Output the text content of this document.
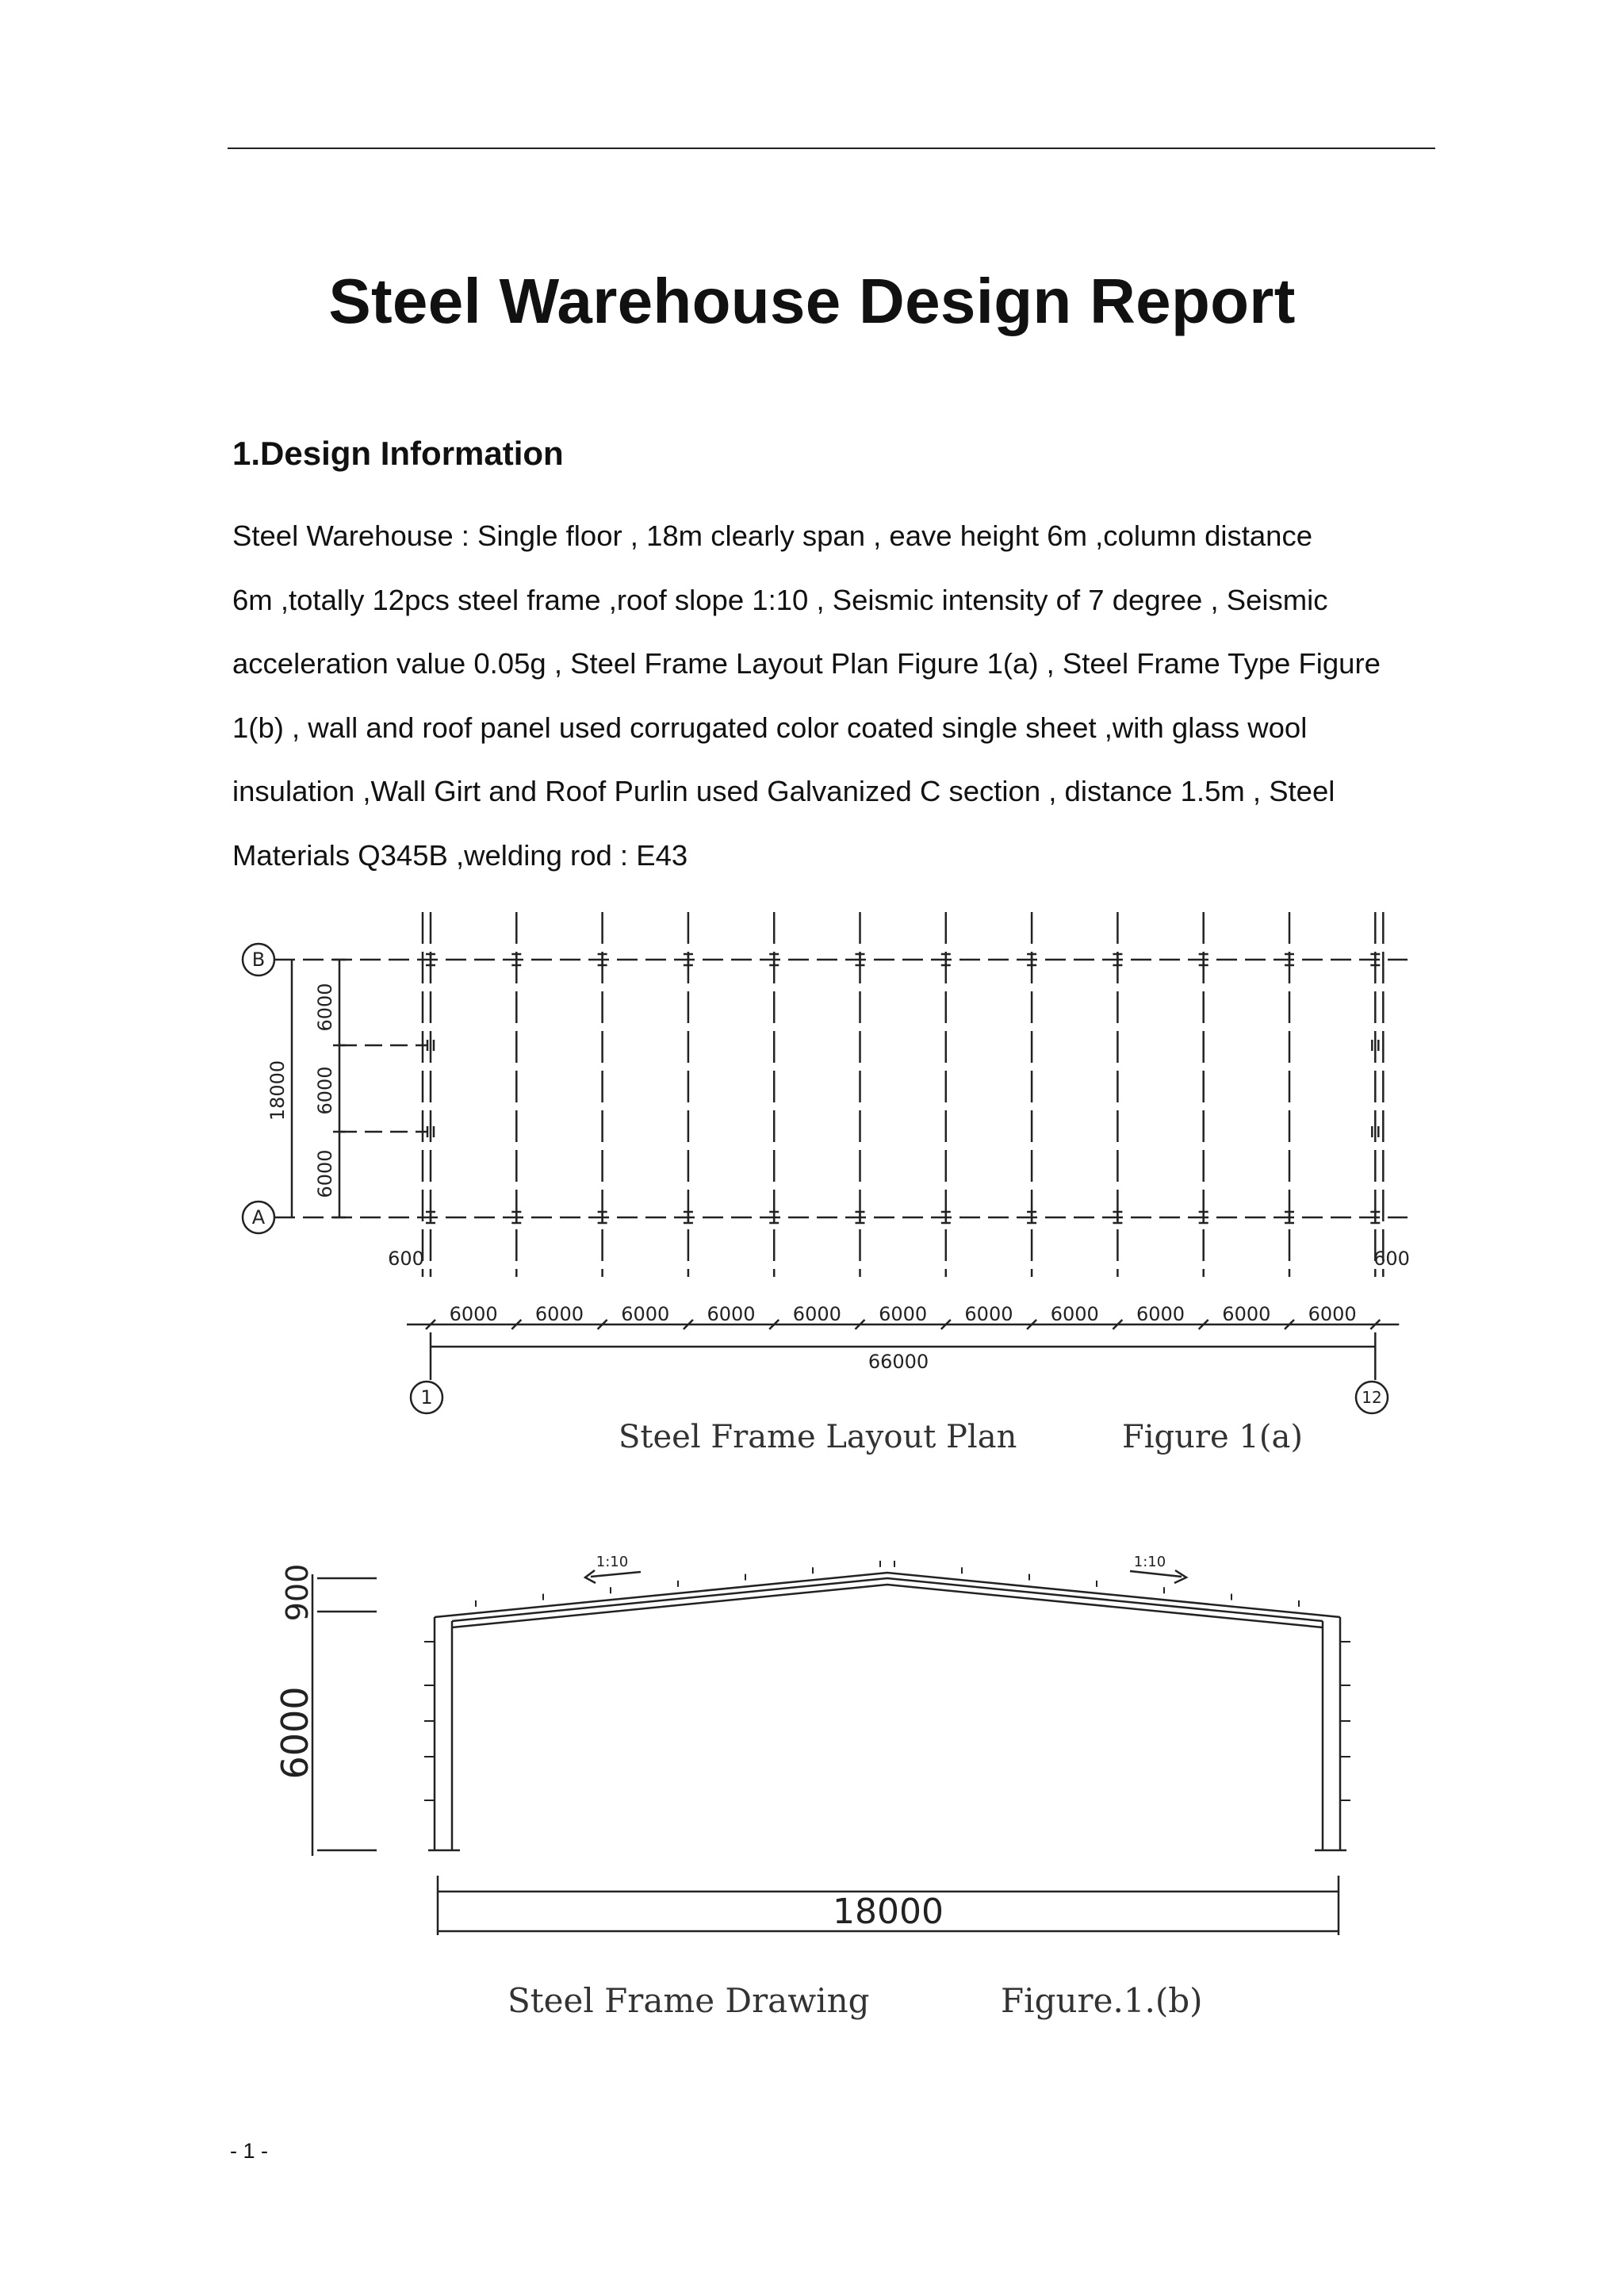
Steel Warehouse Design Report
1.Design Information
Steel Warehouse : Single floor , 18m clearly span , eave height 6m ,column distance
6m ,totally 12pcs steel frame ,roof slope 1:10 , Seismic intensity of 7 degree , Seismic
acceleration value 0.05g , Steel Frame Layout Plan Figure 1(a) , Steel Frame Type Figure
1(b) , wall and roof panel used corrugated color coated single sheet ,with glass wool
insulation ,Wall Girt and Roof Purlin used Galvanized C section , distance 1.5m , Steel
Materials Q345B ,welding rod : E43
B
A
1	12
18000
6000
6000
6000
600	600
6000 6000 6000 6000 6000 6000 6000 6000 6000 6000 6000
66000
Steel Frame Layout Plan	Figure 1(a)
900
6000
18000
1:10	1:10
Steel Frame Drawing	Figure.1.(b)
- 1 -
